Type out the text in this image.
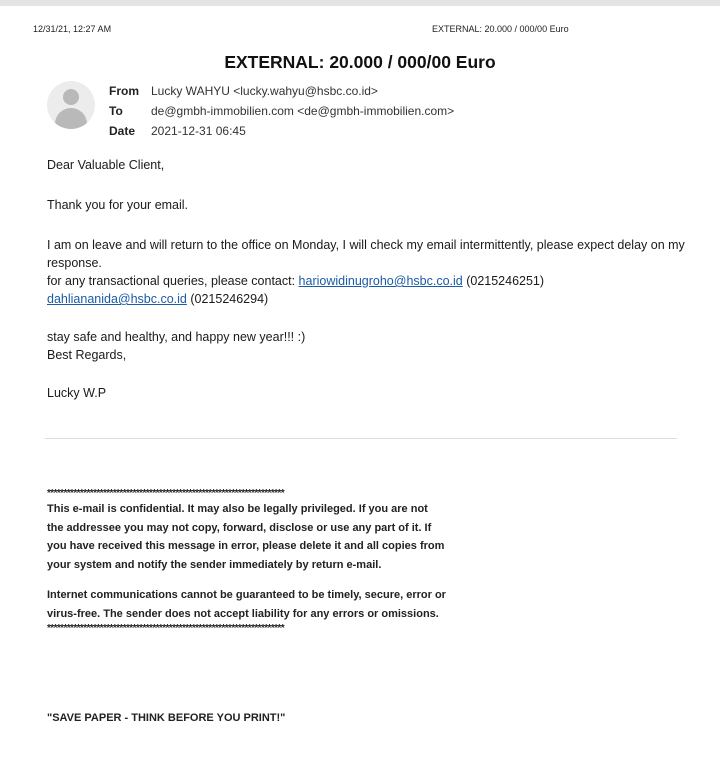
12/31/21, 12:27 AM	EXTERNAL: 20.000 / 000/00 Euro
EXTERNAL: 20.000 / 000/00 Euro
From Lucky WAHYU <lucky.wahyu@hsbc.co.id>
To de@gmbh-immobilien.com <de@gmbh-immobilien.com>
Date 2021-12-31 06:45

Dear Valuable Client,

Thank you for your email.

I am on leave and will return to the office on Monday, I will check my email intermittently, please expect delay on my response.

for any transactional queries, please contact: hariowidinugroho@hsbc.co.id (0215246251)

dahliananida@hsbc.co.id (0215246294)

stay safe and healthy, and happy new year!!! :)

Best Regards,

Lucky W.P

************************************************************************

This e-mail is confidential. It may also be legally privileged. If you are not the addressee you may not copy, forward, disclose or use any part of it. If you have received this message in error, please delete it and all copies from your system and notify the sender immediately by return e-mail.

Internet communications cannot be guaranteed to be timely, secure, error or virus-free. The sender does not accept liability for any errors or omissions.

************************************************************************

"SAVE PAPER - THINK BEFORE YOU PRINT!"
